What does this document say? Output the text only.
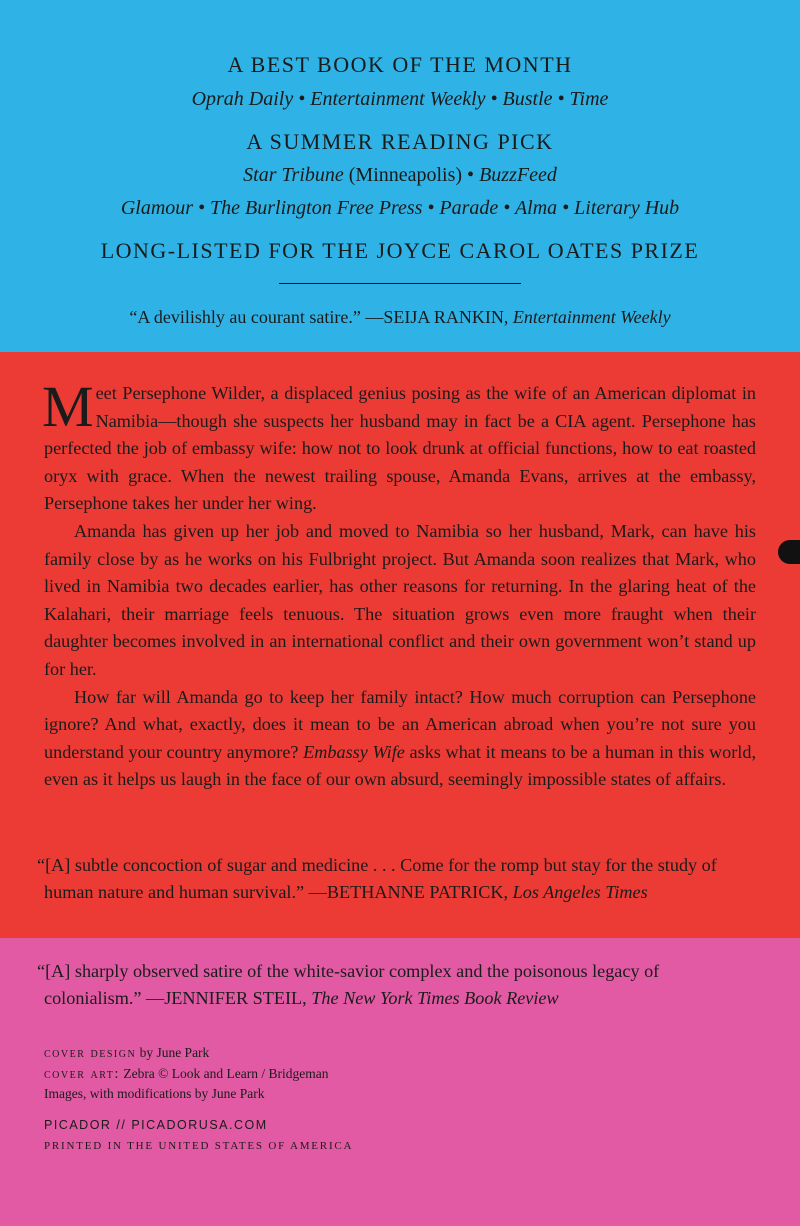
A BEST BOOK OF THE MONTH
Oprah Daily • Entertainment Weekly • Bustle • Time
A SUMMER READING PICK
Star Tribune (Minneapolis) • BuzzFeed
Glamour • The Burlington Free Press • Parade • Alma • Literary Hub
LONG-LISTED FOR THE JOYCE CAROL OATES PRIZE
“A devilishly au courant satire.” —SEIJA RANKIN, Entertainment Weekly

Meet Persephone Wilder, a displaced genius posing as the wife of an American diplomat in Namibia—though she suspects her husband may in fact be a CIA agent. Persephone has perfected the job of embassy wife: how not to look drunk at official functions, how to eat roasted oryx with grace. When the newest trailing spouse, Amanda Evans, arrives at the embassy, Persephone takes her under her wing.

Amanda has given up her job and moved to Namibia so her husband, Mark, can have his family close by as he works on his Fulbright project. But Amanda soon realizes that Mark, who lived in Namibia two decades earlier, has other reasons for returning. In the glaring heat of the Kalahari, their marriage feels tenuous. The situation grows even more fraught when their daughter becomes involved in an international conflict and their own government won’t stand up for her.

How far will Amanda go to keep her family intact? How much corruption can Persephone ignore? And what, exactly, does it mean to be an American abroad when you’re not sure you understand your country anymore? Embassy Wife asks what it means to be a human in this world, even as it helps us laugh in the face of our own absurd, seemingly impossible states of affairs.

“[A] subtle concoction of sugar and medicine . . . Come for the romp but stay for the study of human nature and human survival.” —BETHANNE PATRICK, Los Angeles Times
“[A] sharply observed satire of the white-savior complex and the poisonous legacy of colonialism.” —JENNIFER STEIL, The New York Times Book Review
cover design by June Park
cover art: Zebra © Look and Learn / Bridgeman
Images, with modifications by June Park
PICADOR // PICADORUSA.COM
PRINTED IN THE UNITED STATES OF AMERICA
